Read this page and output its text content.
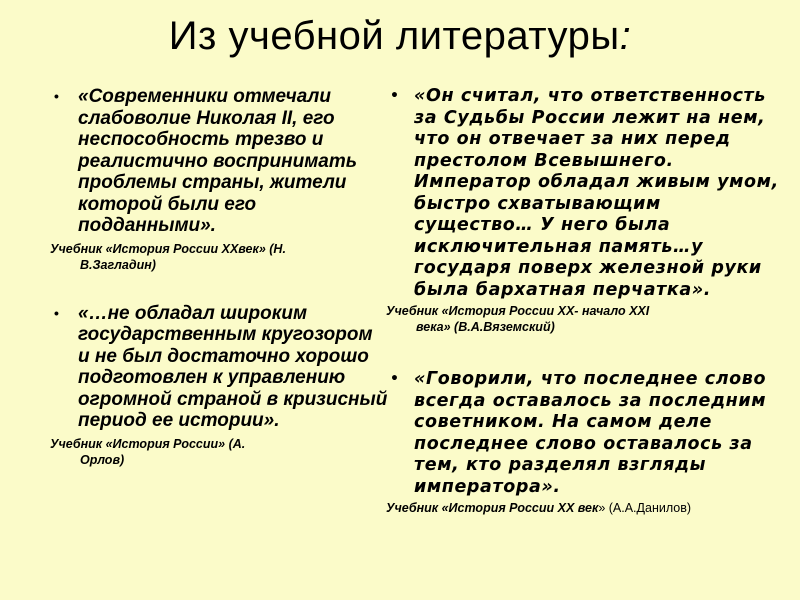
Из учебной литературы:

• «Современники отмечали слабоволие Николая II, его неспособность трезво и реалистично воспринимать проблемы страны, жители которой были его подданными».

Учебник «История России XXвек» (Н.
В.Загладин)

• «…не обладал широким государственным кругозором и не был достаточно хорошо подготовлен к управлению огромной страной в кризисный период ее истории».

Учебник «История России» (А.
Орлов)

• «Он считал, что ответственность за Судьбы России лежит на нем, что он отвечает за них перед престолом Всевышнего. Император обладал живым умом, быстро схватывающим существо… У него была исключительная память…у государя поверх железной руки была бархатная перчатка».

Учебник «История России XX- начало XXI
века» (В.А.Вяземский)

• «Говорили, что последнее слово всегда оставалось за последним советником. На самом деле последнее слово оставалось за тем, кто разделял взгляды императора».

Учебник «История России XX век» (А.А.Данилов)
